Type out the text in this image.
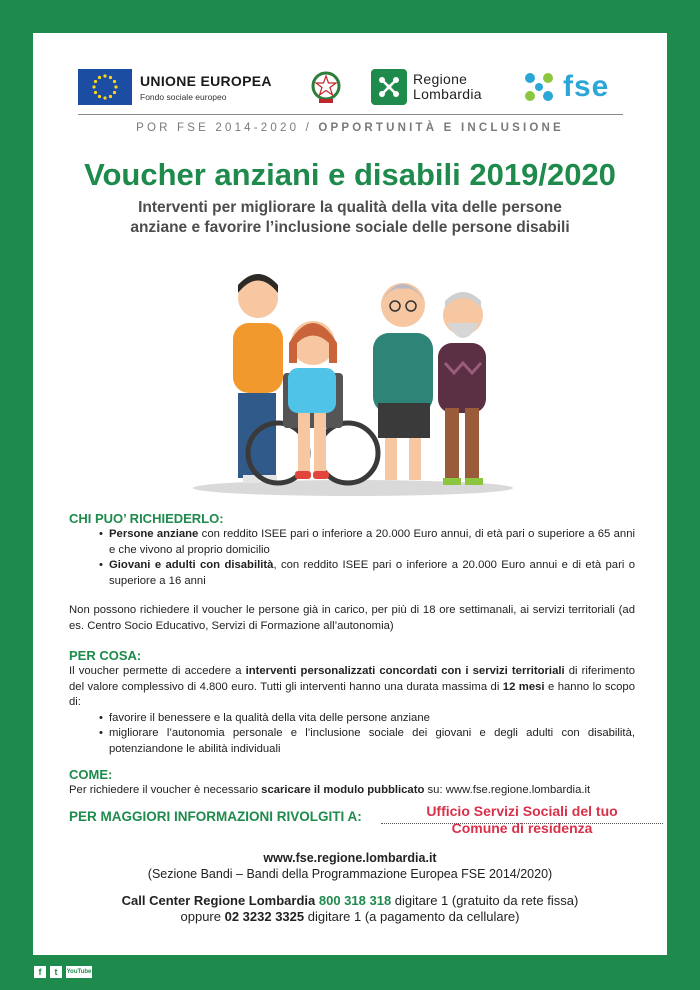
UNIONE EUROPEA
Fondo sociale europeo
Regione
Lombardia	fse
POR FSE 2014-2020 / OPPORTUNITÀ E INCLUSIONE
Voucher anziani e disabili 2019/2020
Interventi per migliorare la qualità della vita delle persone
anziane e favorire l’inclusione sociale delle persone disabili
CHI PUO’ RICHIEDERLO:
• Persone anziane con reddito ISEE pari o inferiore a 20.000 Euro annui, di età pari o superiore a 65 anni e che vivono al proprio domicilio
• Giovani e adulti con disabilità, con reddito ISEE pari o inferiore a 20.000 Euro annui e di età pari o superiore a 16 anni
Non possono richiedere il voucher le persone già in carico, per più di 18 ore settimanali, ai servizi territoriali (ad es. Centro Socio Educativo, Servizi di Formazione all’autonomia)
PER COSA:
Il voucher permette di accedere a interventi personalizzati concordati con i servizi territoriali di riferimento del valore complessivo di 4.800 euro. Tutti gli interventi hanno una durata massima di 12 mesi e hanno lo scopo di:
• favorire il benessere e la qualità della vita delle persone anziane
• migliorare l’autonomia personale e l’inclusione sociale dei giovani e degli adulti con disabilità, potenziandone le abilità individuali
COME:
Per richiedere il voucher è necessario scaricare il modulo pubblicato su: www.fse.regione.lombardia.it
PER MAGGIORI INFORMAZIONI RIVOLGITI A:	Ufficio Servizi Sociali del tuo
Comune di residenza
www.fse.regione.lombardia.it
(Sezione Bandi – Bandi della Programmazione Europea FSE 2014/2020)
Call Center Regione Lombardia 800 318 318 digitare 1 (gratuito da rete fissa)
oppure 02 3232 3325 digitare 1 (a pagamento da cellulare)
f	t	YouTube
